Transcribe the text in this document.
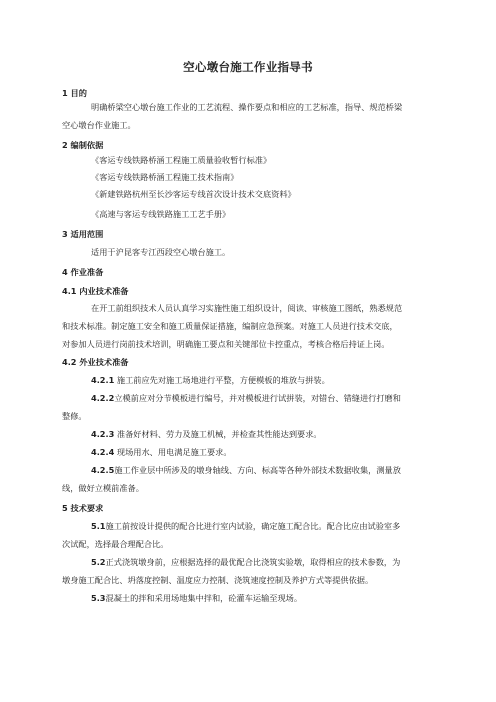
空心墩台施工作业指导书
1 目的
明确桥梁空心墩台施工作业的工艺流程、操作要点和相应的工艺标准，指导、规范桥梁
空心墩台作业施工。
2 编制依据
《客运专线铁路桥涵工程施工质量验收暂行标准》
《客运专线铁路桥涵工程施工技术指南》
《新建铁路杭州至长沙客运专线首次设计技术交底资料》
《高速与客运专线铁路施工工艺手册》
3 适用范围
适用于沪昆客专江西段空心墩台施工。
4 作业准备
4.1 内业技术准备
在开工前组织技术人员认真学习实施性施工组织设计，阅读、审核施工图纸，熟悉规范
和技术标准。制定施工安全和施工质量保证措施，编制应急预案。对施工人员进行技术交底，
对参加人员进行岗前技术培训，明确施工要点和关键部位卡控重点，考核合格后持证上岗。
4.2 外业技术准备
4.2.1 施工前应先对施工场地进行平整，方便模板的堆放与拼装。
4.2.2立模前应对分节模板进行编号，并对模板进行试拼装，对错台、错缝进行打磨和
整修。
4.2.3 准备好材料、劳力及施工机械，并检查其性能达到要求。
4.2.4 现场用水、用电满足施工要求。
4.2.5施工作业层中所涉及的墩身轴线、方向、标高等各种外部技术数据收集，测量放
线，做好立模前准备。
5 技术要求
5.1施工前按设计提供的配合比进行室内试验，确定施工配合比。配合比应由试验室多
次试配，选择最合理配合比。
5.2正式浇筑墩身前，应根据选择的最优配合比浇筑实验墩，取得相应的技术参数，为
墩身施工配合比、坍落度控制、温度应力控制、浇筑速度控制及养护方式等提供依据。
5.3混凝土的拌和采用场地集中拌和，砼灌车运输至现场。
